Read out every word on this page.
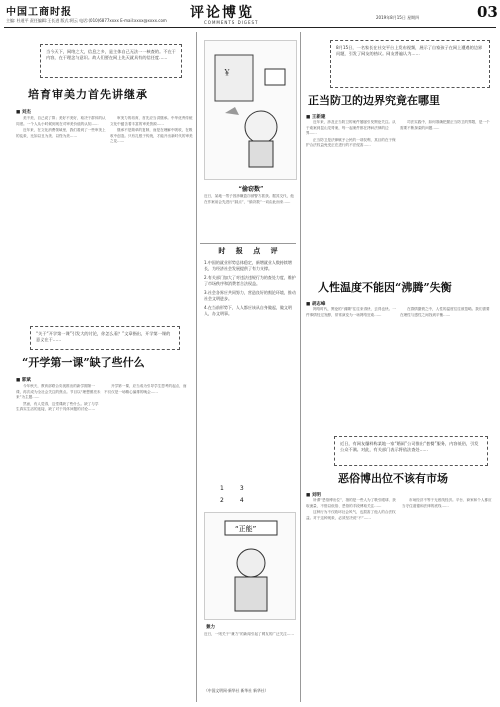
中国工商时报
主编: 杜道平 责任编辑:王长进 版式:阿云 电话:(010)6877xxxx E-mail:xxxx@xxxx.com 评论博览
COMMENTS DIGEST
2019年8月15日 星期四	03
当今天下，网络之大，信息之多，是主体自己无法一一核查的。不在于内容，在于理念与意识。故人们要在网上先天就具有的信任度……
培育审美力首先讲继承
■ 刘杰

美不美，自己说了算；美好不美好，取决于群体的认同度。一个人从小时候到现在对审美价值的认知……

近年来，在文化消费领域里，我们看到了一些审美上的乱象，比如以丑为美、以怪为美……

审美力的培育，首先应当讲继承。中华优秀传统文化中蕴含着丰富的审美资源……

继承不是简单的复制，而是在理解中吸收，在吸收中创造。只有扎根于传统，才能开出新时代的审美之花……

“关于“开学第一课”引发大的讨论，你怎么看？”文章指出，开学第一课的意义在于……
“开学第一课”缺了些什么
■ 郭斌

今年秋天，教育部联合央视推出的新学期第一课，再次成为全社会关注的焦点。节目以“理想照亮未来”为主题……

然而，有人觉得，这堂课缺了些什么。缺了与学生真实生活的连接，缺了对于具体问题的讨论……

开学第一课，应当成为引导学生思考的起点，而不仅仅是一场精心编排的晚会……

￥
“偷窃数”
近日，某地一男子因涉嫌盗窃被警方抓获。据其交代，他在作案前会先进行“踩点”，“偷窃数”一词由此而来……
时 报 点 评
1.中国的就业形势总体稳定，新增就业人数持续增长，为经济社会发展提供了有力支撑。
2.有关部门加大了对违法违规行为的查处力度，维护了市场秩序和消费者合法权益。
3.社会各界应共同努力，营造良好的舆论环境，推动社会文明进步。
4.在当前形势下，人人都应该从自身做起，做文明人，办文明事。
1	3
2	4
“正能”
兼力
近日，一则关于“兼力”的新闻引起了网友的广泛关注……
（中国文明网·新华社 新华社 新华社）
8月15日，一名家长在社交平台上发布视频，展示了自家孩子在网上遭遇的边界问题，引发了网友的热议。网友普遍认为……
正当防卫的边界究竟在哪里
■ 王新建

近年来，涉及正当防卫的案件屡屡引发舆论关注。从于欢案到昆山龙哥案，每一起案件都在拷问法律的边界……

正当防卫是法律赋予公民的一项权利，其目的在于保护合法权益免受正在进行的不法侵害……

司法实践中，如何准确把握正当防卫的界限，是一个需要不断探索的问题……

人性温度不能因“沸腾”失衡
■ 胡志峰

网络时代，舆论的“沸腾”往往来得快、去得也快。一件事情经过发酵，常常演变为一场网络狂欢……

在群情激愤之中，人性的温度往往被忽略。我们需要在理性与感性之间找到平衡……

近日，有网友爆料称某地一家“婚闹”公司推出“套餐”服务，内容低俗，引发公众不满。对此，有关部门表示将依法查处……
恶俗博出位不该有市场
■ 刘明

所谓“恶俗博出位”，指的是一些人为了吸引眼球、获取流量，不惜以低俗、恶俗的手段博取关注……

这种行为不仅败坏社会风气，也损害了他人的合法权益。对于这种现象，必须坚决说“不”……

市场经济不等于无底线经济。平台、商家和个人都应当守住道德和法律的底线……
